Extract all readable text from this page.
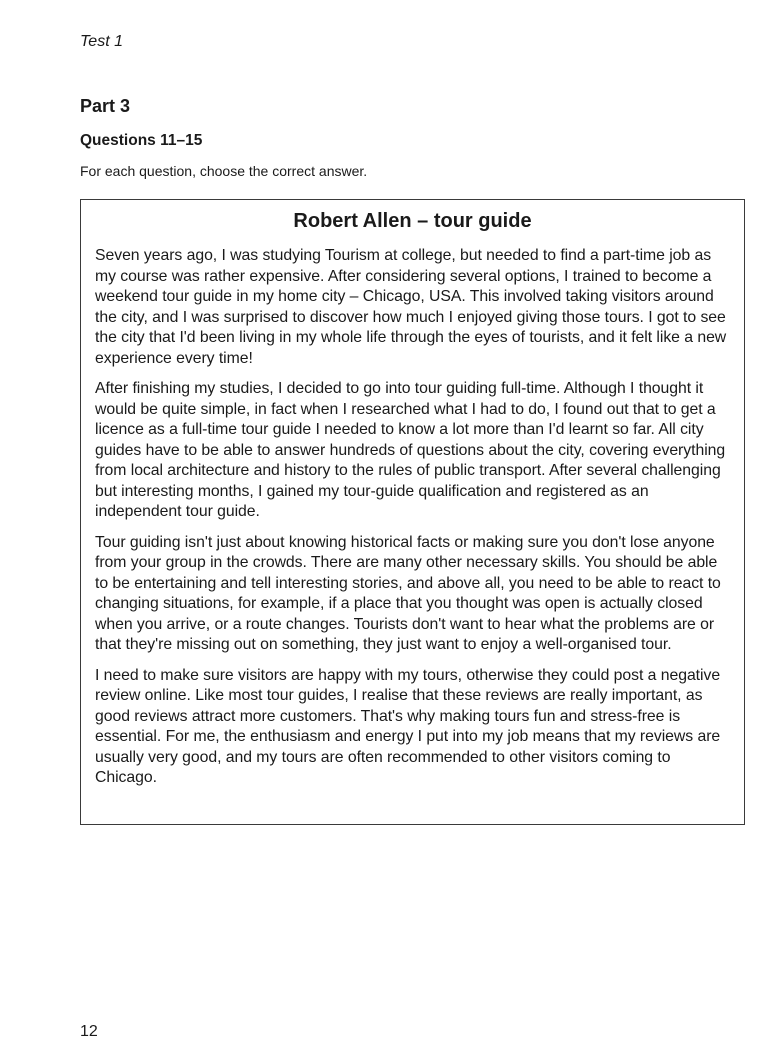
Test 1
Part 3
Questions 11–15
For each question, choose the correct answer.
Robert Allen – tour guide

Seven years ago, I was studying Tourism at college, but needed to find a part-time job as my course was rather expensive. After considering several options, I trained to become a weekend tour guide in my home city – Chicago, USA. This involved taking visitors around the city, and I was surprised to discover how much I enjoyed giving those tours. I got to see the city that I'd been living in my whole life through the eyes of tourists, and it felt like a new experience every time!

After finishing my studies, I decided to go into tour guiding full-time. Although I thought it would be quite simple, in fact when I researched what I had to do, I found out that to get a licence as a full-time tour guide I needed to know a lot more than I'd learnt so far. All city guides have to be able to answer hundreds of questions about the city, covering everything from local architecture and history to the rules of public transport. After several challenging but interesting months, I gained my tour-guide qualification and registered as an independent tour guide.

Tour guiding isn't just about knowing historical facts or making sure you don't lose anyone from your group in the crowds. There are many other necessary skills. You should be able to be entertaining and tell interesting stories, and above all, you need to be able to react to changing situations, for example, if a place that you thought was open is actually closed when you arrive, or a route changes. Tourists don't want to hear what the problems are or that they're missing out on something, they just want to enjoy a well-organised tour.

I need to make sure visitors are happy with my tours, otherwise they could post a negative review online. Like most tour guides, I realise that these reviews are really important, as good reviews attract more customers. That's why making tours fun and stress-free is essential. For me, the enthusiasm and energy I put into my job means that my reviews are usually very good, and my tours are often recommended to other visitors coming to Chicago.

12
